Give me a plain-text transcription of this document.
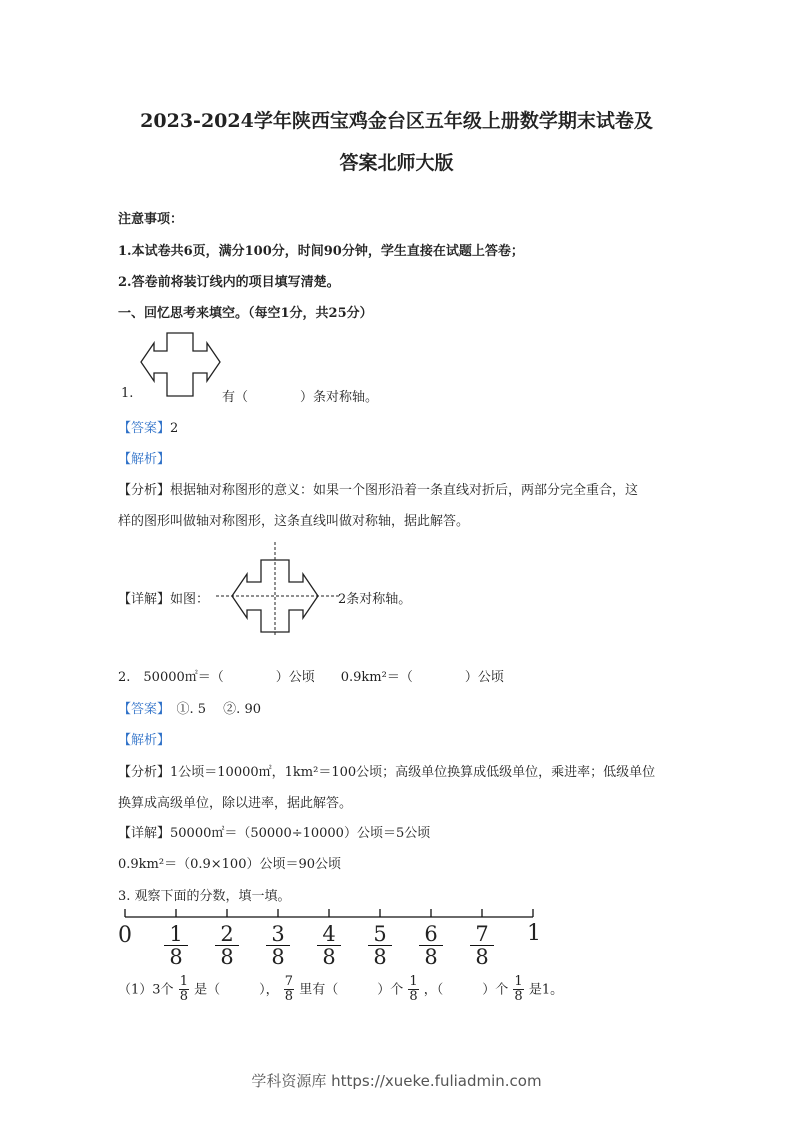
2023-2024学年陕西宝鸡金台区五年级上册数学期末试卷及
答案北师大版
注意事项：
1.本试卷共6页，满分100分，时间90分钟，学生直接在试题上答卷；
2.答卷前将装订线内的项目填写清楚。
一、回忆思考来填空。（每空1分，共25分）
1.	有（　　　　）条对称轴。
【答案】2
【解析】
【分析】根据轴对称图形的意义：如果一个图形沿着一条直线对折后，两部分完全重合，这
样的图形叫做轴对称图形，这条直线叫做对称轴，据此解答。
【详解】如图：	2条对称轴。
2.　50000㎡＝（　　　　）公顷　　0.9km²＝（　　　　）公顷
【答案】　①. 5　 ②. 90
【解析】
【分析】1公顷＝10000㎡，1km²＝100公顷；高级单位换算成低级单位，乘进率；低级单位
换算成高级单位，除以进率，据此解答。
【详解】50000㎡＝（50000÷10000）公顷＝5公顷
0.9km²＝（0.9×100）公顷＝90公顷
3. 观察下面的分数，填一填。
0	1
$\frac{1}{8} \frac{2}{8} \frac{3}{8} \frac{4}{8} \frac{5}{8} \frac{6}{8} \frac{7}{8}$
（1）3个 $\frac{1}{8}$ 是（　　　）， $\frac{7}{8}$ 里有（　　　）个 $\frac{1}{8}$ ，（　　　）个 $\frac{1}{8}$ 是1。
学科资源库 https://xueke.fuliadmin.com
